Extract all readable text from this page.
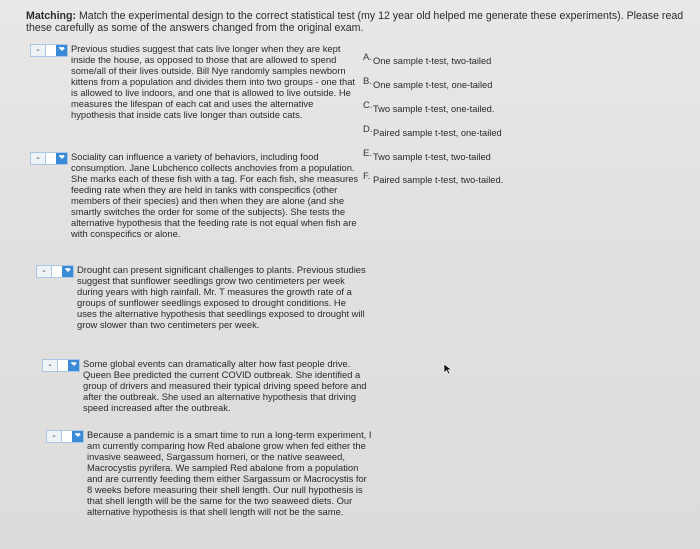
Matching: Match the experimental design to the correct statistical test (my 12 year old helped me generate these experiments). Please read these carefully as some of the answers changed from the original exam.
-	Previous studies suggest that cats live longer when they are kept inside the house, as opposed to those that are allowed to spend some/all of their lives outside. Bill Nye randomly samples newborn kittens from a population and divides them into two groups - one that is allowed to live indoors, and one that is allowed to live outside. He measures the lifespan of each cat and uses the alternative hypothesis that inside cats live longer than outside cats.
-	Sociality can influence a variety of behaviors, including food consumption. Jane Lubchenco collects anchovies from a population. She marks each of these fish with a tag. For each fish, she measures feeding rate when they are held in tanks with conspecifics (other members of their species) and then when they are alone (and she smartly switches the order for some of the subjects). She tests the alternative hypothesis that the feeding rate is not equal when fish are with conspecifics or alone.
-	Drought can present significant challenges to plants. Previous studies suggest that sunflower seedlings grow two centimeters per week during years with high rainfall. Mr. T measures the growth rate of a groups of sunflower seedlings exposed to drought conditions. He uses the alternative hypothesis that seedlings exposed to drought will grow slower than two centimeters per week.
-	Some global events can dramatically alter how fast people drive. Queen Bee predicted the current COVID outbreak. She identified a group of drivers and measured their typical driving speed before and after the outbreak. She used an alternative hypothesis that driving speed increased after the outbreak.
-	Because a pandemic is a smart time to run a long-term experiment, I am currently comparing how Red abalone grow when fed either the invasive seaweed, Sargassum horneri, or the native seaweed, Macrocystis pyrifera. We sampled Red abalone from a population and are currently feeding them either Sargassum or Macrocystis for 8 weeks before measuring their shell length. Our null hypothesis is that shell length will be the same for the two seaweed diets. Our alternative hypothesis is that shell length will not be the same.
A. One sample t-test, two-tailed
B. One sample t-test, one-tailed
C. Two sample t-test, one-tailed.
D. Paired sample t-test, one-tailed
E. Two sample t-test, two-tailed
F. Paired sample t-test, two-tailed.
